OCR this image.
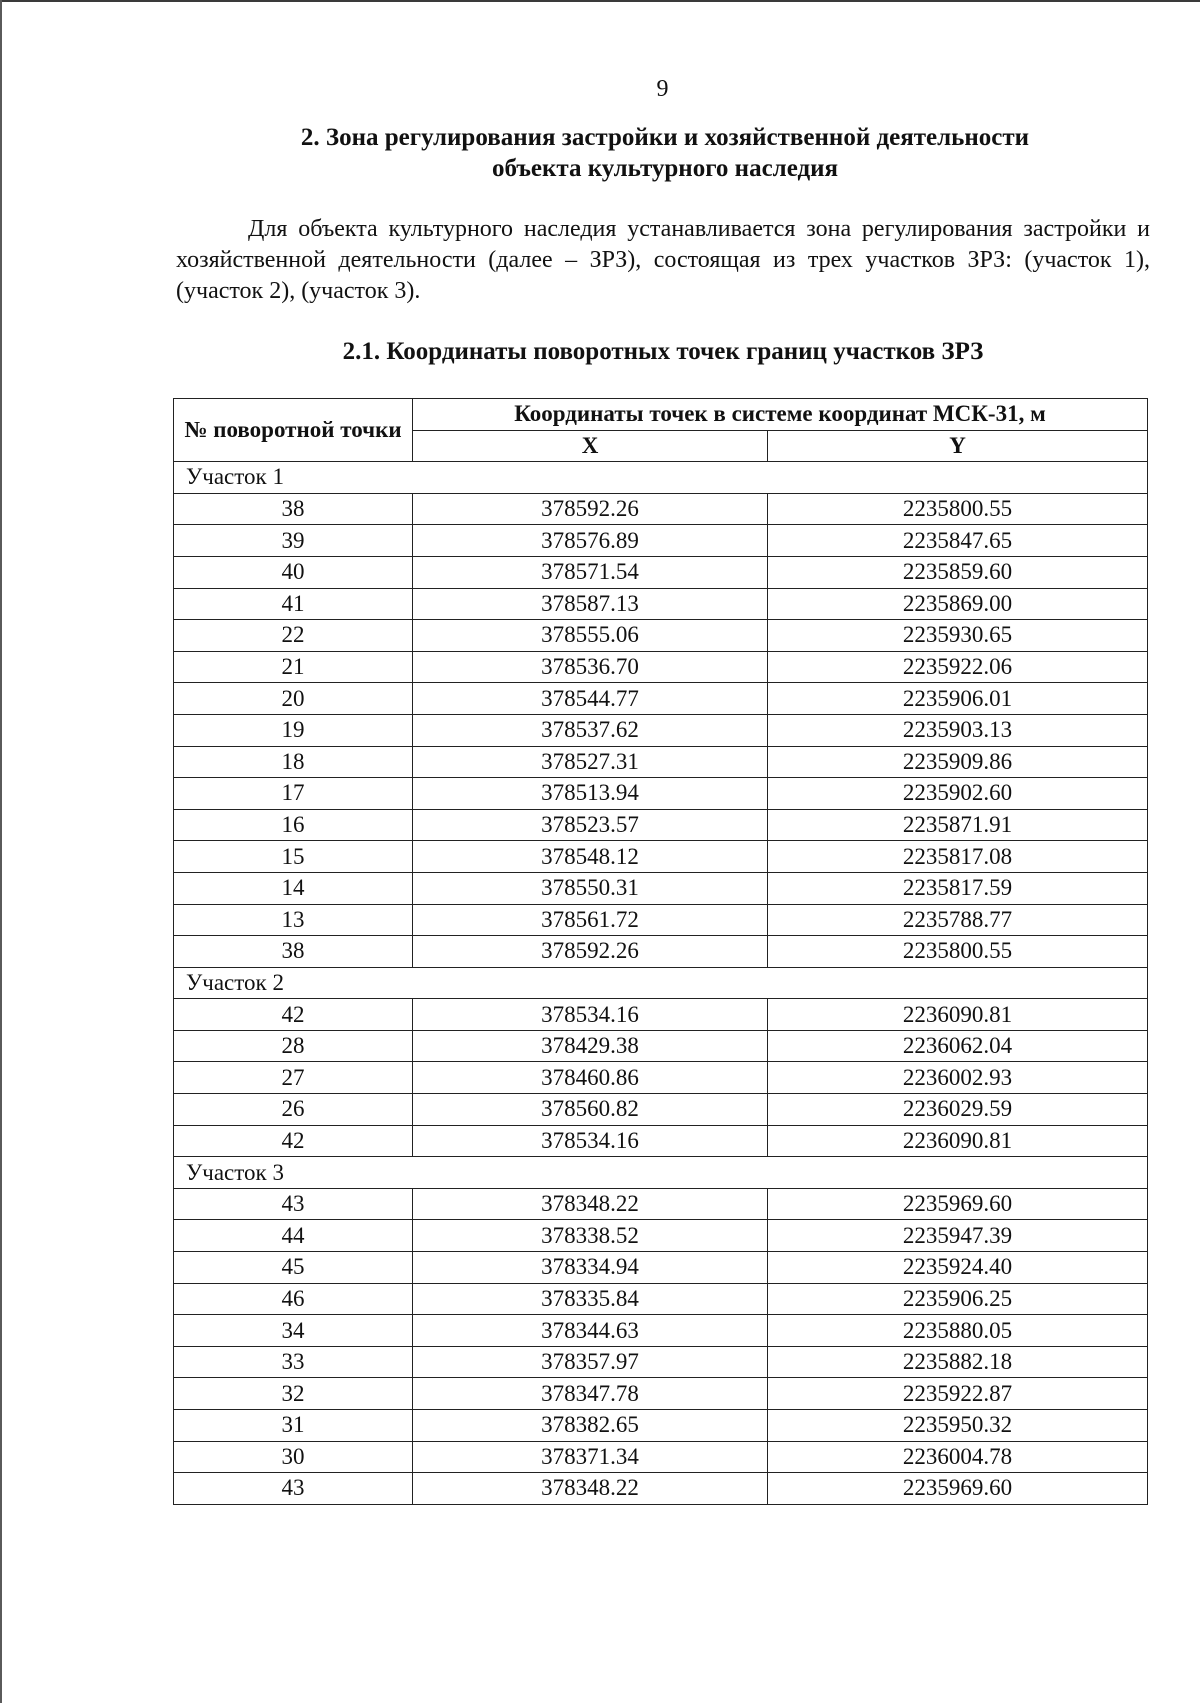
9
2. Зона регулирования застройки и хозяйственной деятельности
объекта культурного наследия
Для объекта культурного наследия устанавливается зона регулирования застройки и хозяйственной деятельности (далее – ЗРЗ), состоящая из трех участков ЗРЗ: (участок 1), (участок 2), (участок 3).
2.1. Координаты поворотных точек границ участков ЗРЗ
№ поворотной точки	Координаты точек в системе координат МСК-31, м	
	X	Y
Участок 1		
38	378592.26	2235800.55
39	378576.89	2235847.65
40	378571.54	2235859.60
41	378587.13	2235869.00
22	378555.06	2235930.65
21	378536.70	2235922.06
20	378544.77	2235906.01
19	378537.62	2235903.13
18	378527.31	2235909.86
17	378513.94	2235902.60
16	378523.57	2235871.91
15	378548.12	2235817.08
14	378550.31	2235817.59
13	378561.72	2235788.77
38	378592.26	2235800.55
Участок 2		
42	378534.16	2236090.81
28	378429.38	2236062.04
27	378460.86	2236002.93
26	378560.82	2236029.59
42	378534.16	2236090.81
Участок 3		
43	378348.22	2235969.60
44	378338.52	2235947.39
45	378334.94	2235924.40
46	378335.84	2235906.25
34	378344.63	2235880.05
33	378357.97	2235882.18
32	378347.78	2235922.87
31	378382.65	2235950.32
30	378371.34	2236004.78
43	378348.22	2235969.60
